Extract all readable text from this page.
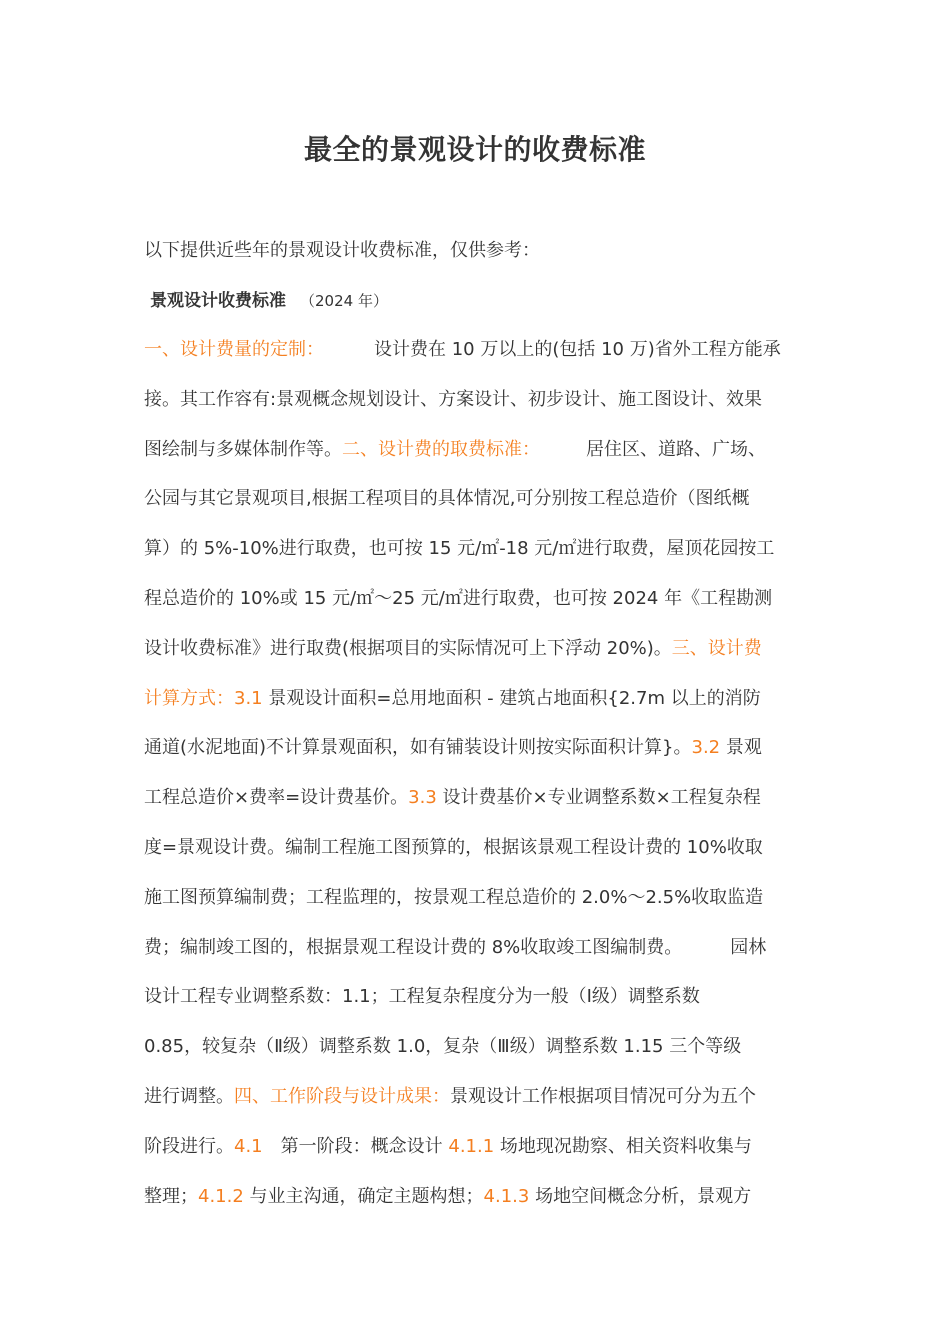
最全的景观设计的收费标准
以下提供近些年的景观设计收费标准，仅供参考：
景观设计收费标准 （2024 年）
一、设计费量的定制：	设计费在 10 万以上的(包括 10 万)省外工程方能承
接。其工作容有:景观概念规划设计、方案设计、初步设计、施工图设计、效果
图绘制与多媒体制作等。二、设计费的取费标准：	居住区、道路、广场、
公园与其它景观项目,根据工程项目的具体情况,可分别按工程总造价（图纸概
算）的 5%-10%进行取费，也可按 15 元/㎡-18 元/㎡进行取费，屋顶花园按工
程总造价的 10%或 15 元/㎡～25 元/㎡进行取费，也可按 2024 年《工程勘测
设计收费标准》进行取费(根据项目的实际情况可上下浮动 20%)。三、设计费
计算方式：3.1 景观设计面积=总用地面积 - 建筑占地面积{2.7m 以上的消防
通道(水泥地面)不计算景观面积，如有铺装设计则按实际面积计算}。3.2 景观
工程总造价×费率=设计费基价。3.3 设计费基价×专业调整系数×工程复杂程
度=景观设计费。编制工程施工图预算的，根据该景观工程设计费的 10%收取
施工图预算编制费；工程监理的，按景观工程总造价的 2.0%～2.5%收取监造
费；编制竣工图的，根据景观工程设计费的 8%收取竣工图编制费。	园林
设计工程专业调整系数：1.1；工程复杂程度分为一般（Ⅰ级）调整系数
0.85，较复杂（Ⅱ级）调整系数 1.0，复杂（Ⅲ级）调整系数 1.15 三个等级
进行调整。四、工作阶段与设计成果：景观设计工作根据项目情况可分为五个
阶段进行。4.1 第一阶段：概念设计 4.1.1 场地现况勘察、相关资料收集与
整理；4.1.2 与业主沟通，确定主题构想；4.1.3 场地空间概念分析，景观方
